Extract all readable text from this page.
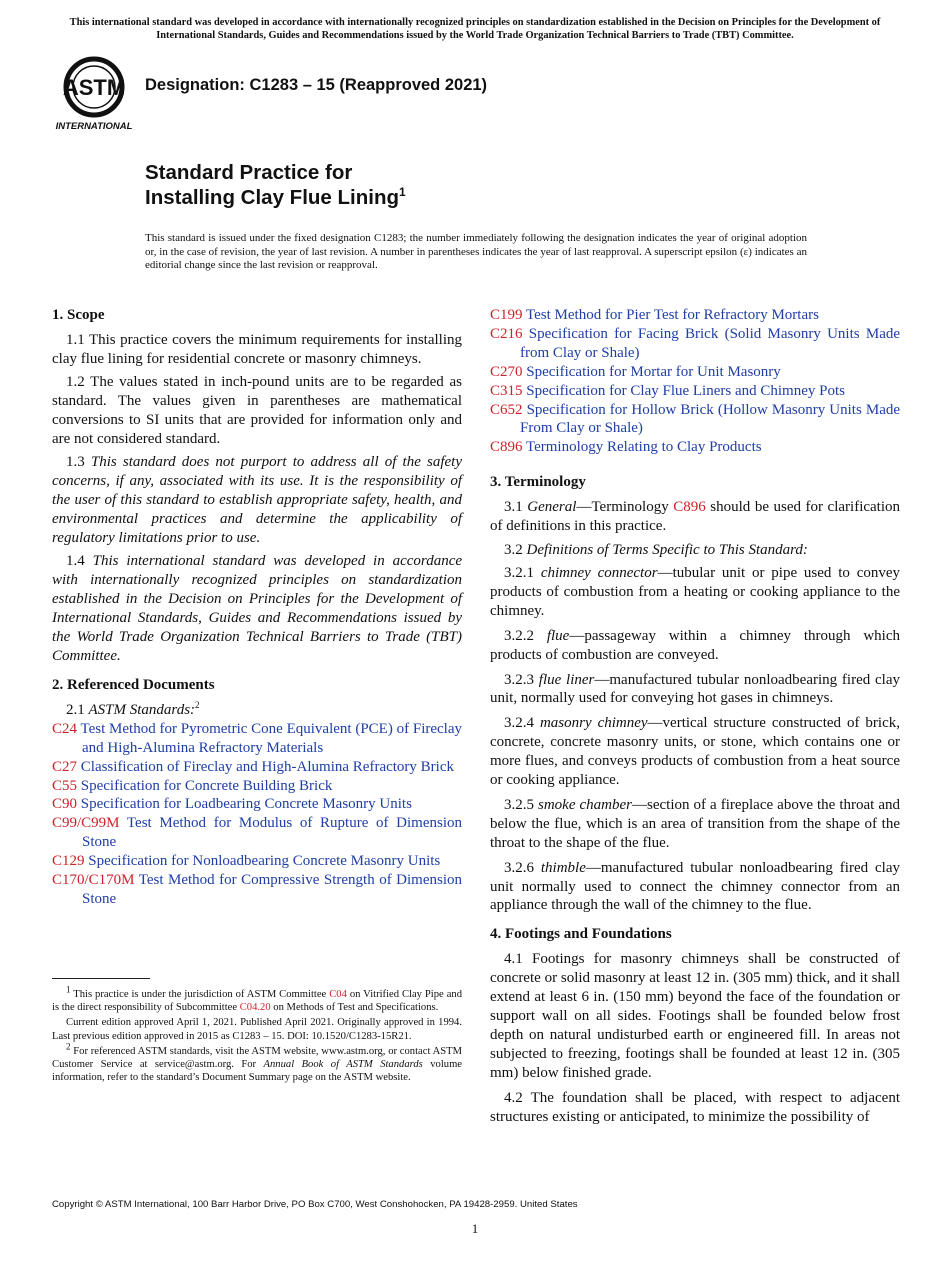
This international standard was developed in accordance with internationally recognized principles on standardization established in the Decision on Principles for the Development of International Standards, Guides and Recommendations issued by the World Trade Organization Technical Barriers to Trade (TBT) Committee.
ASTM
INTERNATIONAL
Designation: C1283 – 15 (Reapproved 2021)
Standard Practice for
Installing Clay Flue Lining$^1$
This standard is issued under the fixed designation C1283; the number immediately following the designation indicates the year of original adoption or, in the case of revision, the year of last revision. A number in parentheses indicates the year of last reapproval. A superscript epsilon (ε) indicates an editorial change since the last revision or reapproval.
1. Scope

1.1 This practice covers the minimum requirements for installing clay flue lining for residential concrete or masonry chimneys.

1.2 The values stated in inch-pound units are to be regarded as standard. The values given in parentheses are mathematical conversions to SI units that are provided for information only and are not considered standard.

1.3 This standard does not purport to address all of the safety concerns, if any, associated with its use. It is the responsibility of the user of this standard to establish appropriate safety, health, and environmental practices and determine the applicability of regulatory limitations prior to use.

1.4 This international standard was developed in accordance with internationally recognized principles on standardization established in the Decision on Principles for the Development of International Standards, Guides and Recommendations issued by the World Trade Organization Technical Barriers to Trade (TBT) Committee.

2. Referenced Documents

2.1 ASTM Standards:$^2$

C24 Test Method for Pyrometric Cone Equivalent (PCE) of Fireclay and High-Alumina Refractory Materials

C27 Classification of Fireclay and High-Alumina Refractory Brick

C55 Specification for Concrete Building Brick

C90 Specification for Loadbearing Concrete Masonry Units

C99/C99M Test Method for Modulus of Rupture of Dimension Stone

C129 Specification for Nonloadbearing Concrete Masonry Units

C170/C170M Test Method for Compressive Strength of Dimension Stone

C199 Test Method for Pier Test for Refractory Mortars

C216 Specification for Facing Brick (Solid Masonry Units Made from Clay or Shale)

C270 Specification for Mortar for Unit Masonry

C315 Specification for Clay Flue Liners and Chimney Pots

C652 Specification for Hollow Brick (Hollow Masonry Units Made From Clay or Shale)

C896 Terminology Relating to Clay Products

3. Terminology

3.1 General—Terminology C896 should be used for clarification of definitions in this practice.

3.2 Definitions of Terms Specific to This Standard:

3.2.1 chimney connector—tubular unit or pipe used to convey products of combustion from a heating or cooking appliance to the chimney.

3.2.2 flue—passageway within a chimney through which products of combustion are conveyed.

3.2.3 flue liner—manufactured tubular nonloadbearing fired clay unit, normally used for conveying hot gases in chimneys.

3.2.4 masonry chimney—vertical structure constructed of brick, concrete, concrete masonry units, or stone, which contains one or more flues, and conveys products of combustion from a heat source or cooking appliance.

3.2.5 smoke chamber—section of a fireplace above the throat and below the flue, which is an area of transition from the shape of the throat to the shape of the flue.

3.2.6 thimble—manufactured tubular nonloadbearing fired clay unit normally used to connect the chimney connector from an appliance through the wall of the chimney to the flue.

4. Footings and Foundations

4.1 Footings for masonry chimneys shall be constructed of concrete or solid masonry at least 12 in. (305 mm) thick, and it shall extend at least 6 in. (150 mm) beyond the face of the foundation or support wall on all sides. Footings shall be founded below frost depth on natural undisturbed earth or engineered fill. In areas not subjected to freezing, footings shall be founded at least 12 in. (305 mm) below finished grade.

4.2 The foundation shall be placed, with respect to adjacent structures existing or anticipated, to minimize the possibility of

$^1$ This practice is under the jurisdiction of ASTM Committee C04 on Vitrified Clay Pipe and is the direct responsibility of Subcommittee C04.20 on Methods of Test and Specifications.

Current edition approved April 1, 2021. Published April 2021. Originally approved in 1994. Last previous edition approved in 2015 as C1283 – 15. DOI: 10.1520/C1283-15R21.

$^2$ For referenced ASTM standards, visit the ASTM website, www.astm.org, or contact ASTM Customer Service at service@astm.org. For Annual Book of ASTM Standards volume information, refer to the standard’s Document Summary page on the ASTM website.

Copyright © ASTM International, 100 Barr Harbor Drive, PO Box C700, West Conshohocken, PA 19428-2959. United States
1
